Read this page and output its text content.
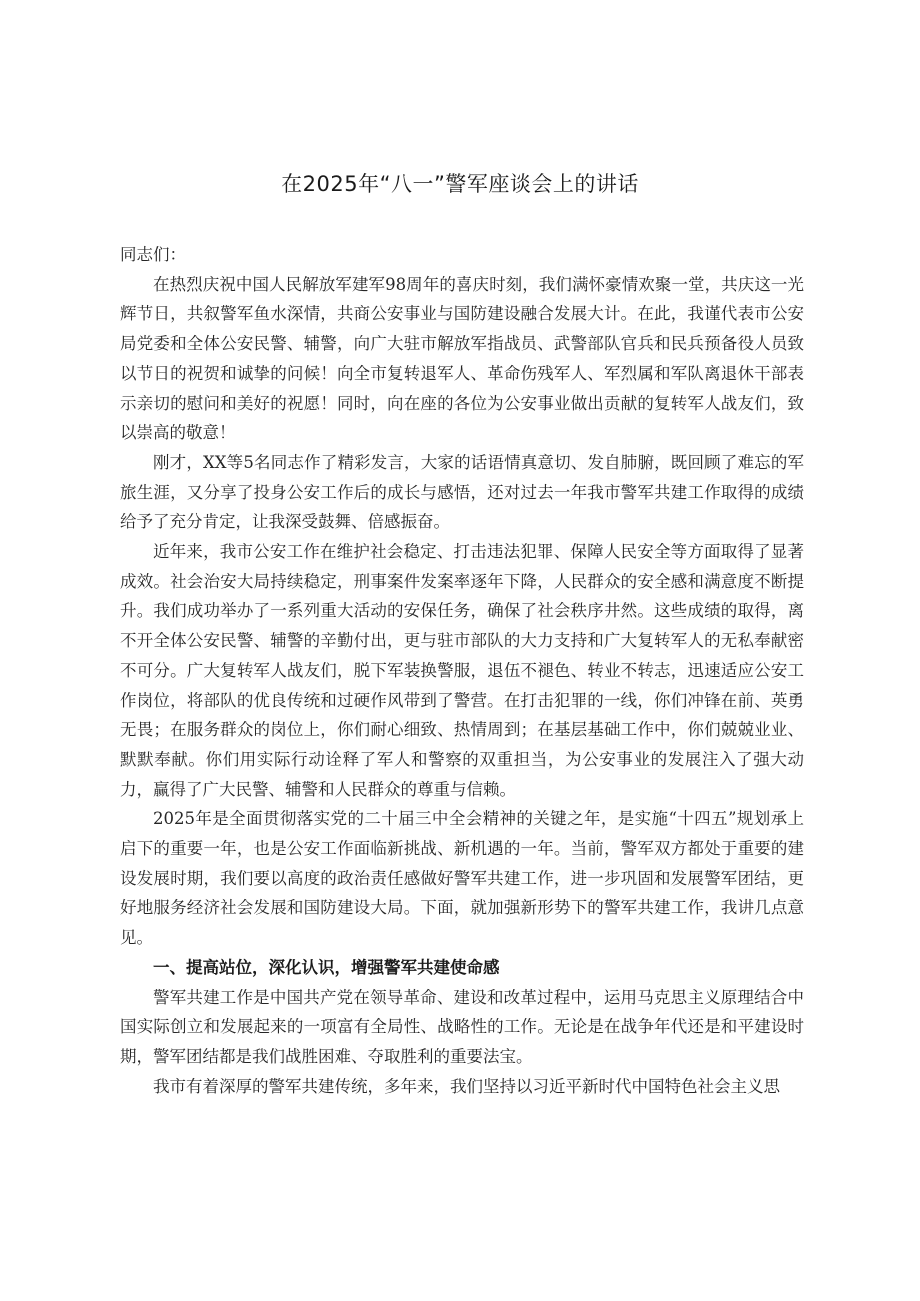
在2025年“八一”警军座谈会上的讲话

同志们：

在热烈庆祝中国人民解放军建军98周年的喜庆时刻，我们满怀豪情欢聚一堂，共庆这一光辉节日，共叙警军鱼水深情，共商公安事业与国防建设融合发展大计。在此，我谨代表市公安局党委和全体公安民警、辅警，向广大驻市解放军指战员、武警部队官兵和民兵预备役人员致以节日的祝贺和诚挚的问候！向全市复转退军人、革命伤残军人、军烈属和军队离退休干部表示亲切的慰问和美好的祝愿！同时，向在座的各位为公安事业做出贡献的复转军人战友们，致以崇高的敬意！

刚才，XX等5名同志作了精彩发言，大家的话语情真意切、发自肺腑，既回顾了难忘的军旅生涯，又分享了投身公安工作后的成长与感悟，还对过去一年我市警军共建工作取得的成绩给予了充分肯定，让我深受鼓舞、倍感振奋。

近年来，我市公安工作在维护社会稳定、打击违法犯罪、保障人民安全等方面取得了显著成效。社会治安大局持续稳定，刑事案件发案率逐年下降，人民群众的安全感和满意度不断提升。我们成功举办了一系列重大活动的安保任务，确保了社会秩序井然。这些成绩的取得，离不开全体公安民警、辅警的辛勤付出，更与驻市部队的大力支持和广大复转军人的无私奉献密不可分。广大复转军人战友们，脱下军装换警服，退伍不褪色、转业不转志，迅速适应公安工作岗位，将部队的优良传统和过硬作风带到了警营。在打击犯罪的一线，你们冲锋在前、英勇无畏；在服务群众的岗位上，你们耐心细致、热情周到；在基层基础工作中，你们兢兢业业、默默奉献。你们用实际行动诠释了军人和警察的双重担当，为公安事业的发展注入了强大动力，赢得了广大民警、辅警和人民群众的尊重与信赖。

2025年是全面贯彻落实党的二十届三中全会精神的关键之年，是实施“十四五”规划承上启下的重要一年，也是公安工作面临新挑战、新机遇的一年。当前，警军双方都处于重要的建设发展时期，我们要以高度的政治责任感做好警军共建工作，进一步巩固和发展警军团结，更好地服务经济社会发展和国防建设大局。下面，就加强新形势下的警军共建工作，我讲几点意见。

一、提高站位，深化认识，增强警军共建使命感

警军共建工作是中国共产党在领导革命、建设和改革过程中，运用马克思主义原理结合中国实际创立和发展起来的一项富有全局性、战略性的工作。无论是在战争年代还是和平建设时期，警军团结都是我们战胜困难、夺取胜利的重要法宝。

我市有着深厚的警军共建传统，多年来，我们坚持以习近平新时代中国特色社会主义思
